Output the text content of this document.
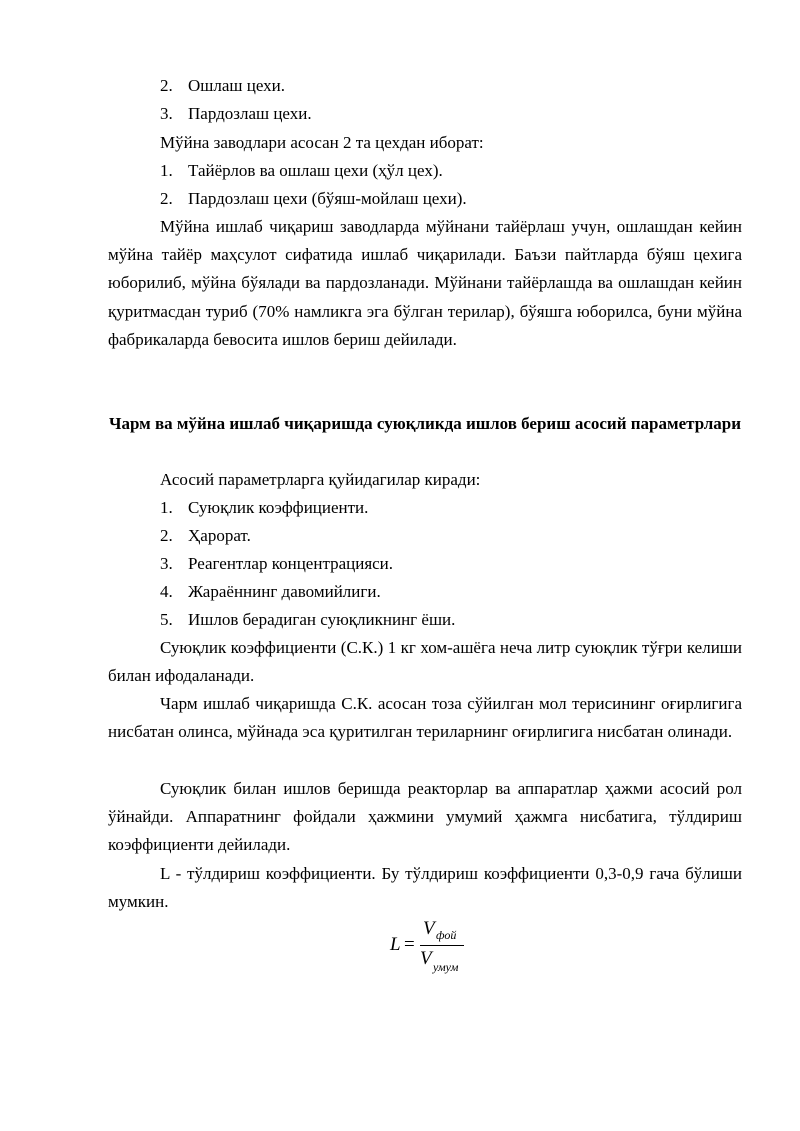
2. Ошлаш цехи.

3. Пардозлаш цехи.

Мўйна заводлари асосан 2 та цехдан иборат:

1. Тайёрлов ва ошлаш цехи (ҳўл цех).

2. Пардозлаш цехи (бўяш-мойлаш цехи).

Мўйна ишлаб чиқариш заводларда мўйнани тайёрлаш учун, ошлашдан кейин мўйна тайёр маҳсулот сифатида ишлаб чиқарилади. Баъзи пайтларда бўяш цехига юборилиб, мўйна бўялади ва пардозланади. Мўйнани тайёрлашда ва ошлашдан кейин қуритмасдан туриб (70% намликга эга бўлган терилар), бўяшга юборилса, буни мўйна фабрикаларда бевосита ишлов бериш дейилади.

Чарм ва мўйна ишлаб чиқаришда суюқликда ишлов бериш асосий параметрлари

Асосий параметрларга қуйидагилар киради:

1. Суюқлик коэффициенти.

2. Ҳарорат.

3. Реагентлар концентрацияси.

4. Жараённинг давомийлиги.

5. Ишлов берадиган суюқликнинг ёши.

Суюқлик коэффициенти (С.К.) 1 кг хом-ашёга неча литр суюқлик тўғри келиши билан ифодаланади.

Чарм ишлаб чиқаришда С.К. асосан тоза сўйилган мол терисининг оғирлигига нисбатан олинса, мўйнада эса қуритилган териларнинг оғирлигига нисбатан олинади.

Суюқлик билан ишлов беришда реакторлар ва аппаратлар ҳажми асосий рол ўйнайди. Аппаратнинг фойдали ҳажмини умумий ҳажмга нисбатига, тўлдириш коэффициенти дейилади.

L - тўлдириш коэффициенти. Бу тўлдириш коэффициенти 0,3-0,9 гача бўлиши мумкин.

L =
V фой
V умум
